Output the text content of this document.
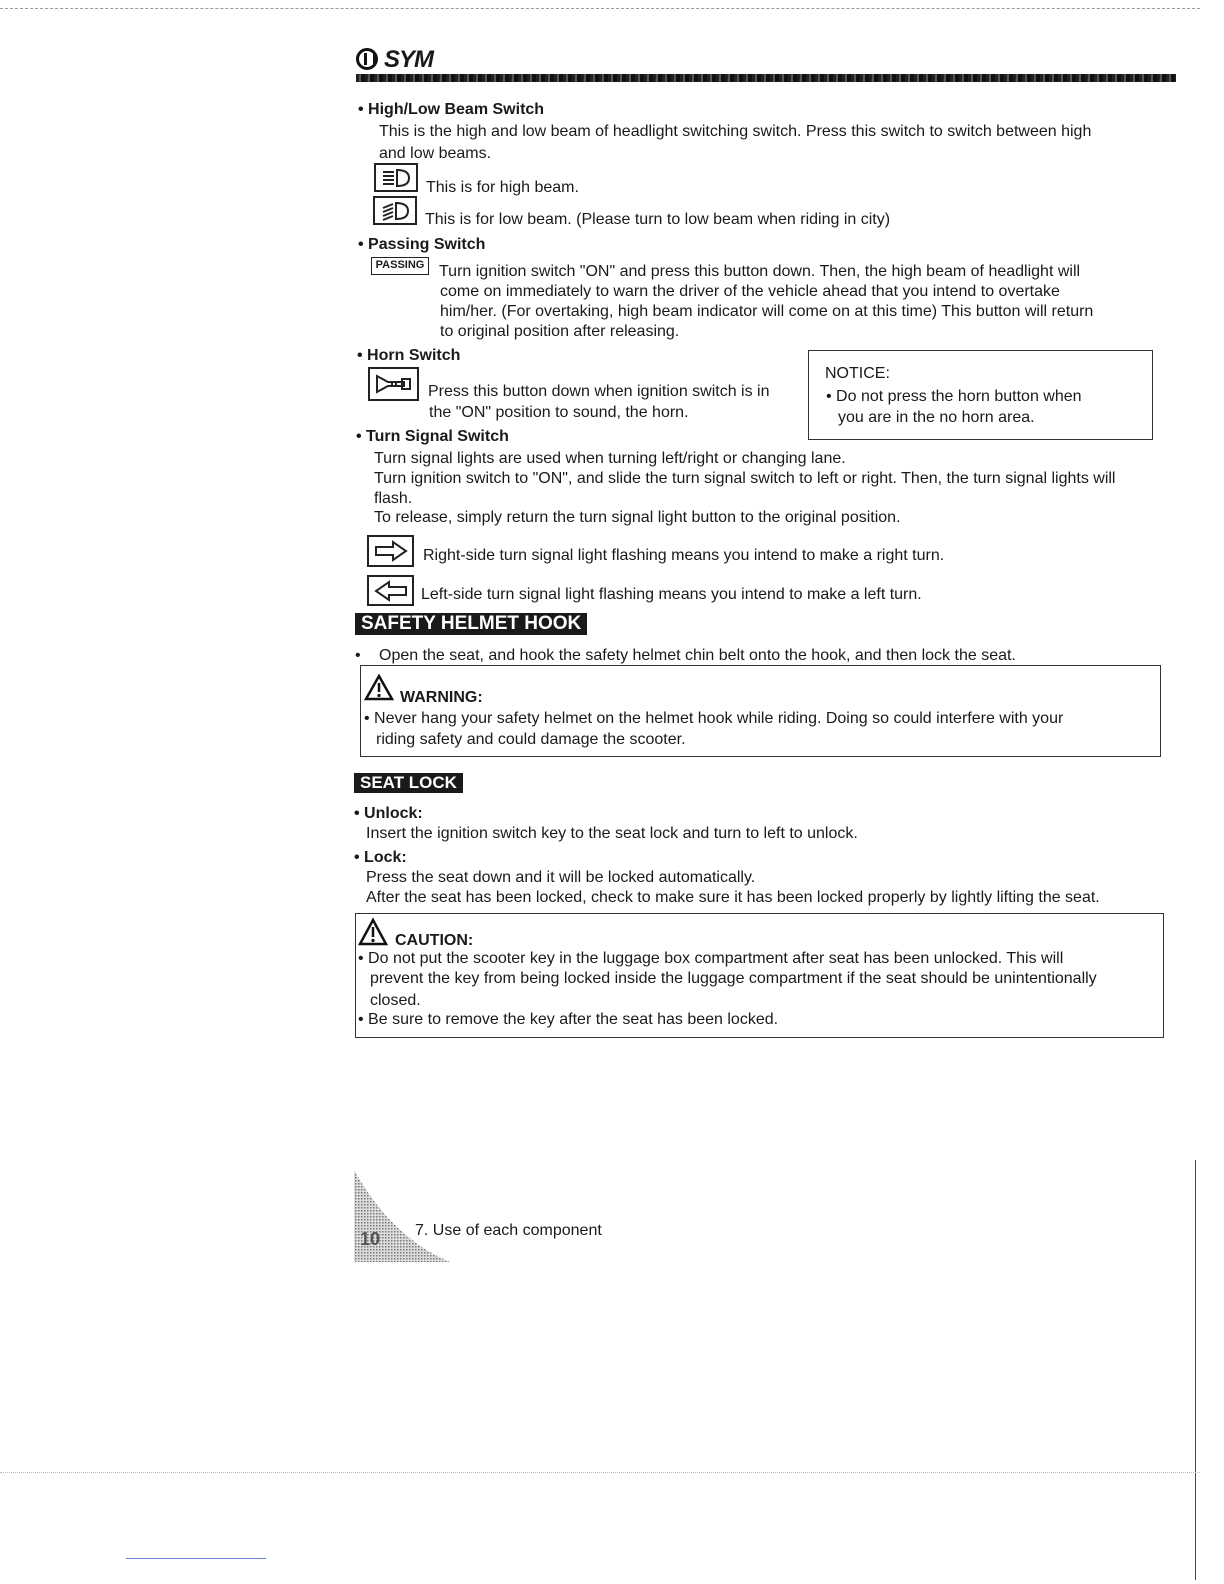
SYM
• High/Low Beam Switch
This is the high and low beam of headlight switching switch. Press this switch to switch between high
and low beams.
This is for high beam.
This is for low beam. (Please turn to low beam when riding in city)
• Passing Switch
PASSING Turn ignition switch "ON" and press this button down. Then, the high beam of headlight will
come on immediately to warn the driver of the vehicle ahead that you intend to overtake
him/her. (For overtaking, high beam indicator will come on at this time) This button will return
to original position after releasing.
• Horn Switch
Press this button down when ignition switch is in
the "ON" position to sound, the horn.
NOTICE:
• Do not press the horn button when
you are in the no horn area.
• Turn Signal Switch
Turn signal lights are used when turning left/right or changing lane.
Turn ignition switch to "ON", and slide the turn signal switch to left or right. Then, the turn signal lights will
flash.
To release, simply return the turn signal light button to the original position.
Right-side turn signal light flashing means you intend to make a right turn.
Left-side turn signal light flashing means you intend to make a left turn.
SAFETY HELMET HOOK
• Open the seat, and hook the safety helmet chin belt onto the hook, and then lock the seat.
WARNING:
• Never hang your safety helmet on the helmet hook while riding. Doing so could interfere with your
riding safety and could damage the scooter.
SEAT LOCK
• Unlock:
Insert the ignition switch key to the seat lock and turn to left to unlock.
• Lock:
Press the seat down and it will be locked automatically.
After the seat has been locked, check to make sure it has been locked properly by lightly lifting the seat.
CAUTION:
• Do not put the scooter key in the luggage box compartment after seat has been unlocked. This will
prevent the key from being locked inside the luggage compartment if the seat should be unintentionally
closed.
• Be sure to remove the key after the seat has been locked.
10 7. Use of each component
